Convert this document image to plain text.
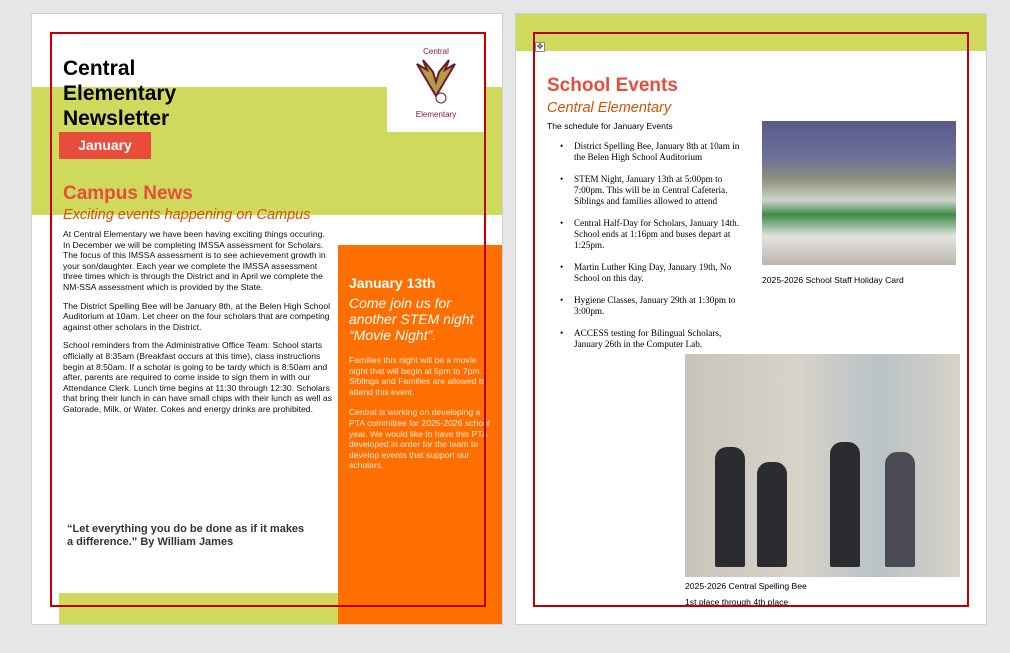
Central
Elementary
Central Elementary Newsletter
January
Campus News
Exciting events happening on Campus

At Central Elementary we have been having exciting things occuring. In December we will be completing IMSSA assessment for Scholars. The focus of this IMSSA assessment is to see achievement growth in your son/daughter. Each year we complete the IMSSA assessment three times which is through the District and in April we complete the NM-SSA assessment which is provided by the State.

The District Spelling Bee will be January 8th, at the Belen High School Auditorium at 10am. Let cheer on the four scholars that are competing against other scholars in the District.

School reminders from the Administrative Office Team: School starts officially at 8:35am (Breakfast occurs at this time), class instructions begin at 8:50am. If a scholar is going to be tardy which is 8:50am and after, parents are required to come inside to sign them in with our Attendance Clerk. Lunch time begins at 11:30 through 12:30. Scholars that bring their lunch in can have small chips with their lunch as well as Gatorade, Milk, or Water. Cokes and energy drinks are prohibited.

January 13th
Come join us for another STEM night “Movie Night”.

Families this night will be a movie night that will begin at 5pm to 7pm. Siblings and Families are allowed to attend this event.

Central is working on developing a PTA committee for 2025-2026 school year. We would like to have this PTA developed in order for the team to develop events that support our scholars.

“Let everything you do be done as if it makes a difference.” By William James
✥
School Events
Central Elementary
The schedule for January Events
• District Spelling Bee, January 8th at 10am in the Belen High School Auditorium
• STEM Night, January 13th at 5:00pm to 7:00pm. This will be in Central Cafeteria. Siblings and families allowed to attend
• Central Half-Day for Scholars, January 14th. School ends at 1:16pm and buses depart at 1:25pm.
• Martin Luther King Day, January 19th, No School on this day.
• Hygiene Classes, January 29th at 1:30pm to 3:00pm.
• ACCESS testing for Bilingual Scholars, January 26th in the Computer Lab.
2025-2026 School Staff Holiday Card
2025-2026 Central Spelling Bee
1st place through 4th place
